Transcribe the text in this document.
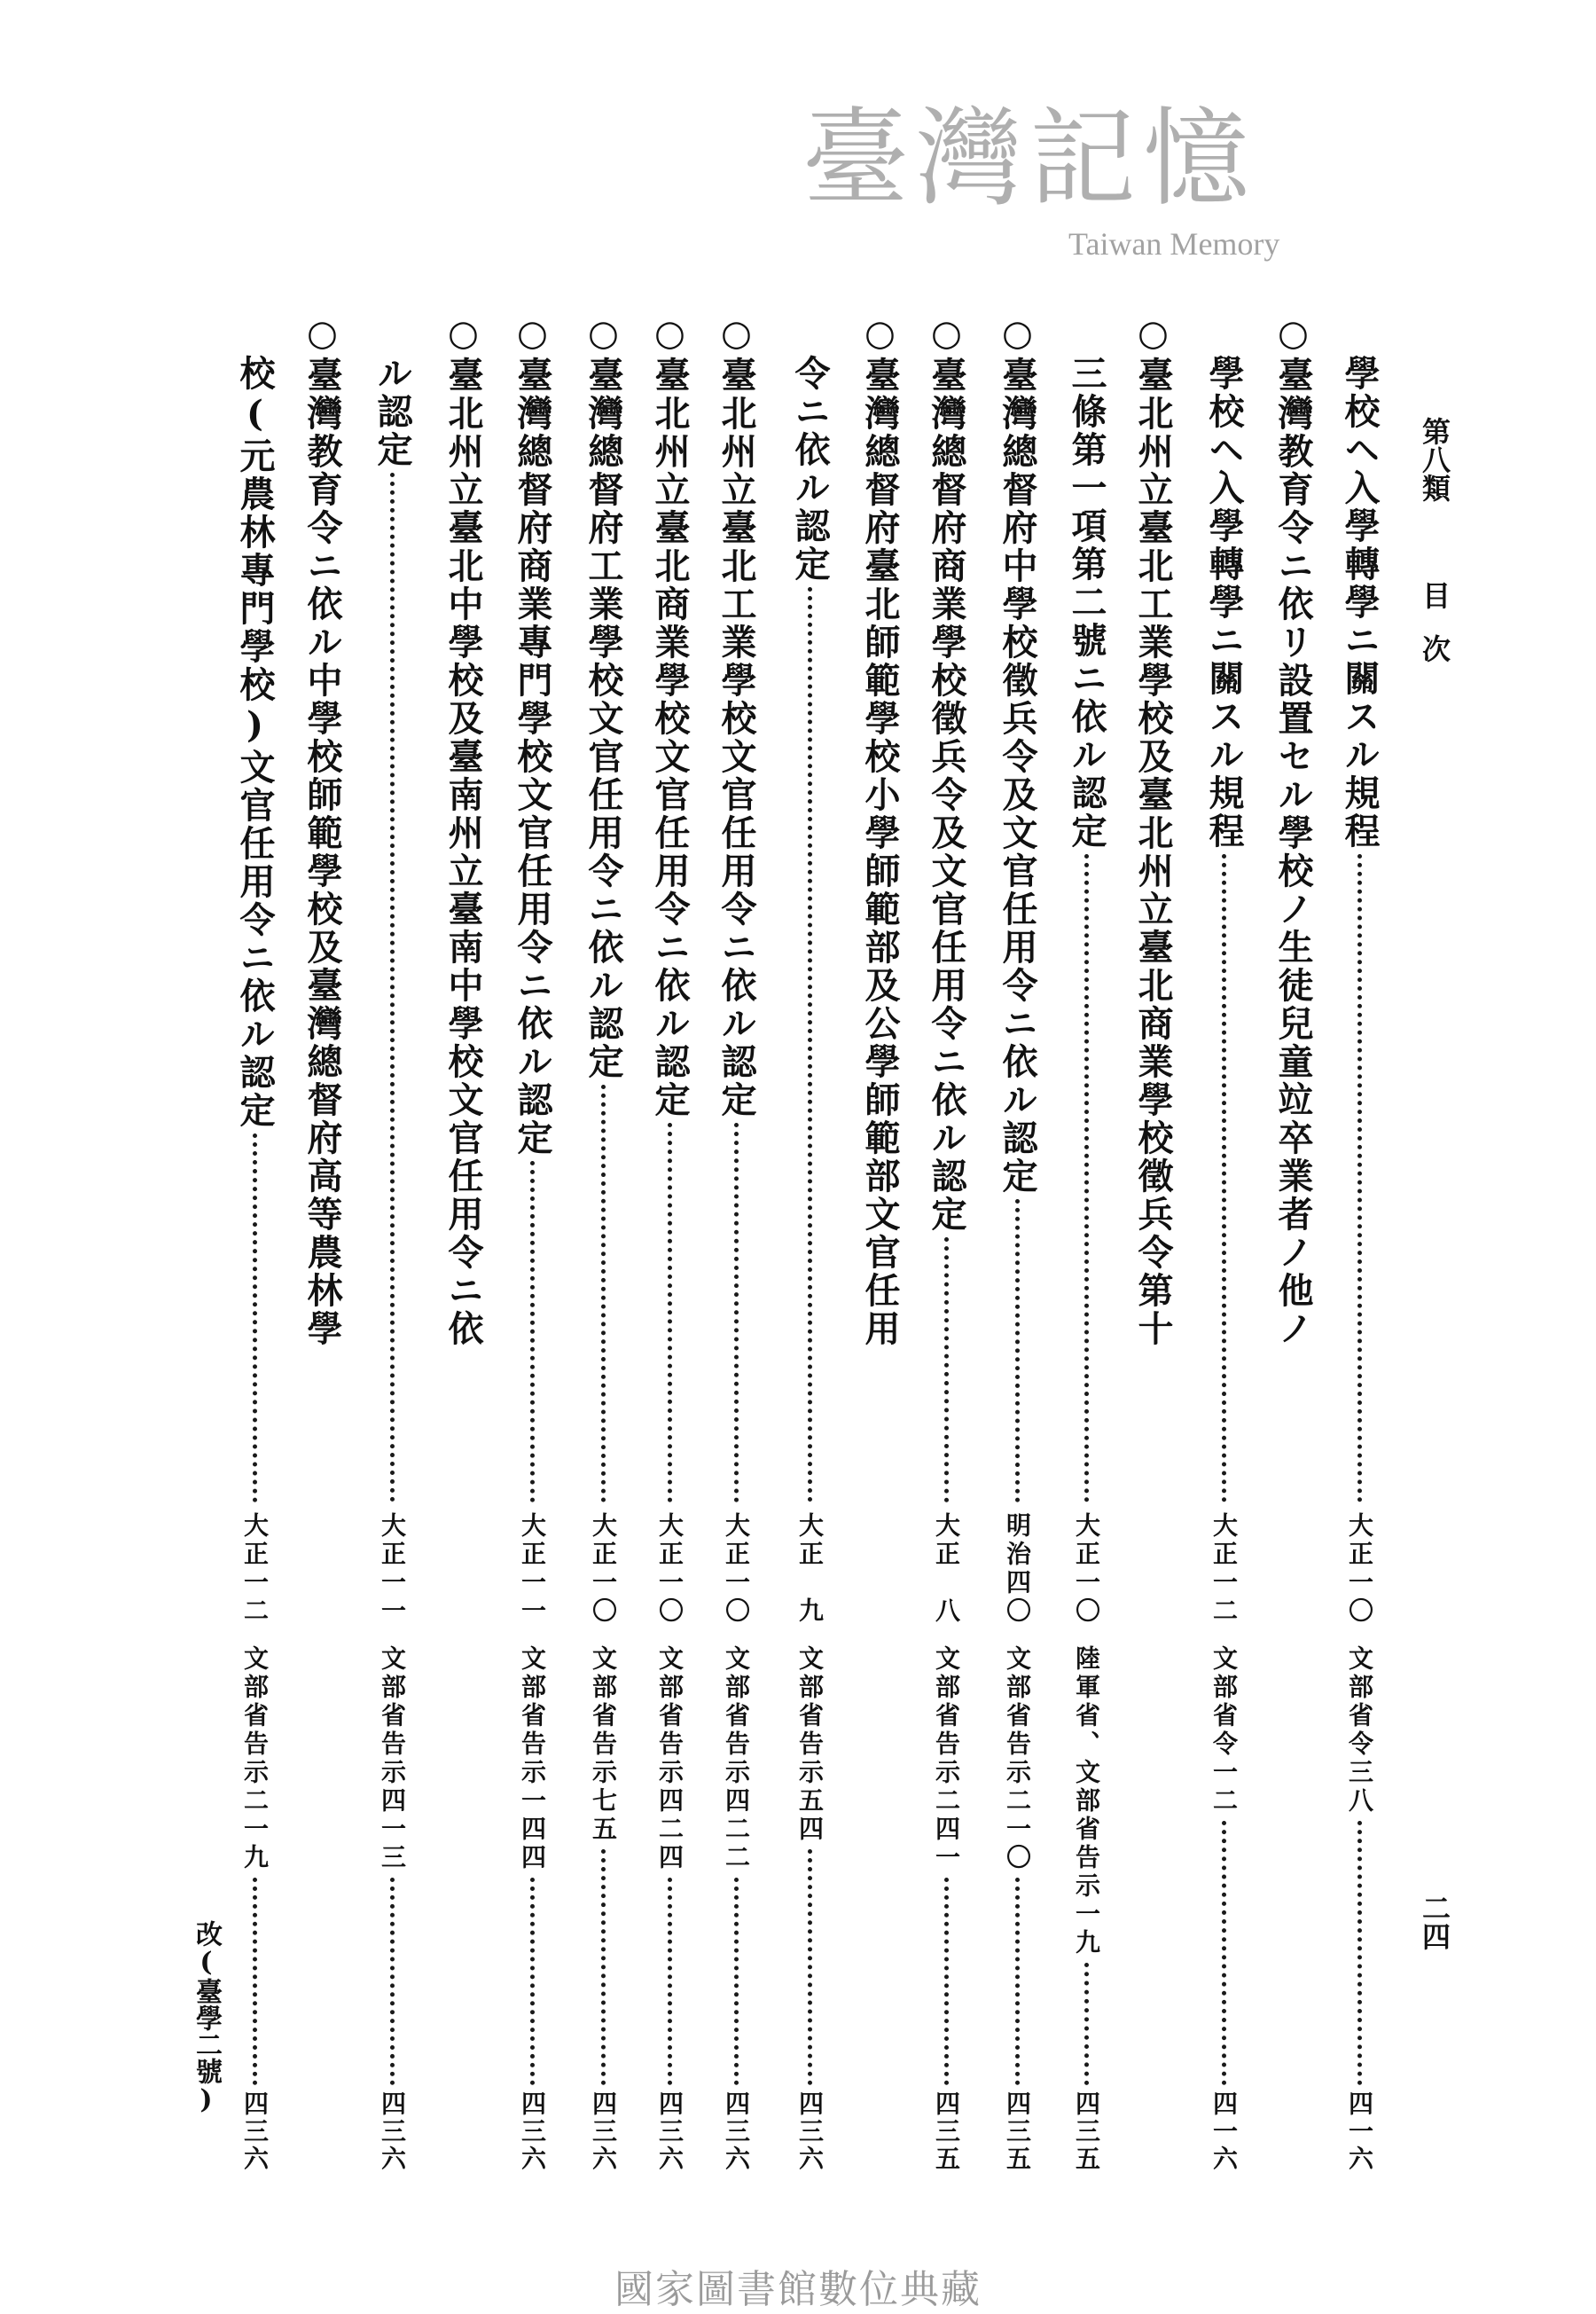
第八類
目
次
二四
學校ヘ入學轉學ニ關スル規程
大正一〇
文部省令三八
四一六
○臺灣教育令ニ依リ設置セル學校ノ生徒兒童竝卒業者ノ他ノ
學校ヘ入學轉學ニ關スル規程
大正一二
文部省令一二
四一六
○臺北州立臺北工業學校及臺北州立臺北商業學校徵兵令第十
三條第一項第二號ニ依ル認定
大正一〇
陸軍省、文部省告示一九
四三五
○臺灣總督府中學校徵兵令及文官任用令ニ依ル認定
明治四〇
文部省告示二一〇
四三五
○臺灣總督府商業學校徵兵令及文官任用令ニ依ル認定
大正　八
文部省告示二四一
四三五
○臺灣總督府臺北師範學校小學師範部及公學師範部文官任用
令ニ依ル認定
大正　九
文部省告示五四
四三六
○臺北州立臺北工業學校文官任用令ニ依ル認定
大正一〇
文部省告示四二二
四三六
○臺北州立臺北商業學校文官任用令ニ依ル認定
大正一〇
文部省告示四二四
四三六
○臺灣總督府工業學校文官任用令ニ依ル認定
大正一〇
文部省告示七五
四三六
○臺灣總督府商業專門學校文官任用令ニ依ル認定
大正一一
文部省告示一四四
四三六
○臺北州立臺北中學校及臺南州立臺南中學校文官任用令ニ依
ル認定
大正一一
文部省告示四一三
四三六
○臺灣教育令ニ依ル中學校師範學校及臺灣總督府高等農林學
校(元農林專門學校)文官任用令ニ依ル認定
大正一二
文部省告示二一九
四三六
改(臺學二號)
臺灣記憶
Taiwan Memory
國家圖書館數位典藏
